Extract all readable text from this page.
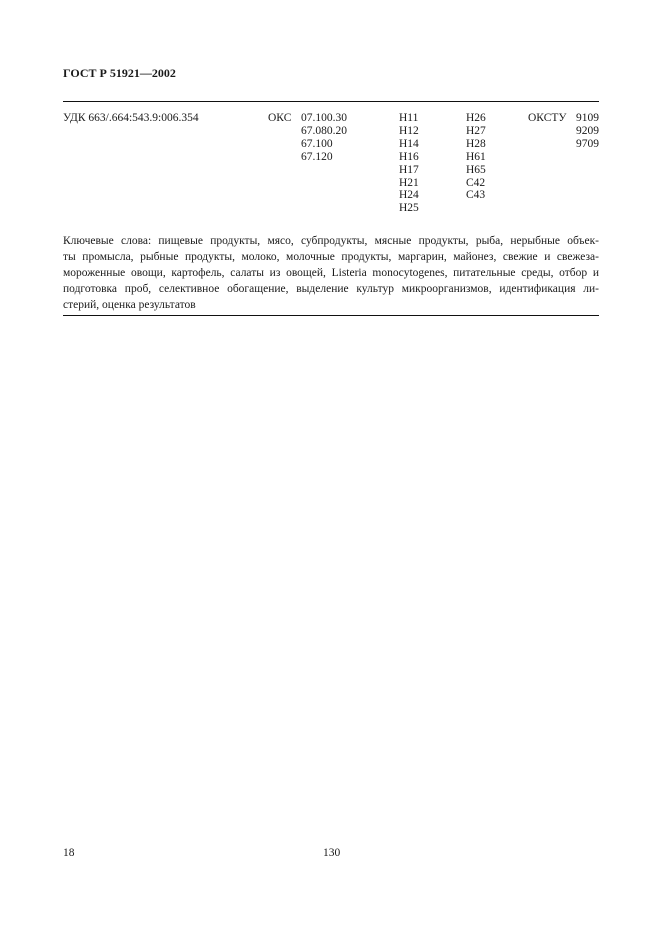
ГОСТ Р 51921—2002
УДК 663/.664:543.9:006.354	ОКС 07.100.30
67.080.20
67.100
67.120
H11
H12
H14
H16
H17
H21
H24
H25
H26
H27
H28
H61
H65
C42
C43
ОКСТУ 9109
9209
9709
Ключевые слова: пищевые продукты, мясо, субпродукты, мясные продукты, рыба, нерыбные объек-
ты промысла, рыбные продукты, молоко, молочные продукты, маргарин, майонез, свежие и свежеза-
мороженные овощи, картофель, салаты из овощей, Listeria monocytogenes, питательные среды, отбор и
подготовка проб, селективное обогащение, выделение культур микроорганизмов, идентификация ли-
стерий, оценка результатов
18	130
